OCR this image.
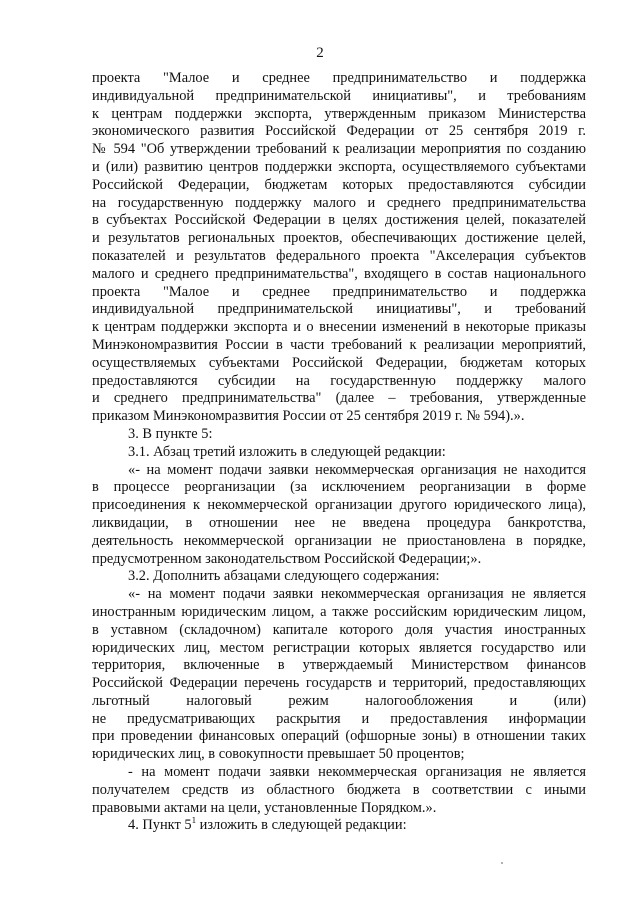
2
проекта "Малое и среднее предпринимательство и поддержка
индивидуальной предпринимательской инициативы", и требованиям
к центрам поддержки экспорта, утвержденным приказом Министерства
экономического развития Российской Федерации от 25 сентября 2019 г.
№ 594 "Об утверждении требований к реализации мероприятия по созданию
и (или) развитию центров поддержки экспорта, осуществляемого субъектами
Российской Федерации, бюджетам которых предоставляются субсидии
на государственную поддержку малого и среднего предпринимательства
в субъектах Российской Федерации в целях достижения целей, показателей
и результатов региональных проектов, обеспечивающих достижение целей,
показателей и результатов федерального проекта "Акселерация субъектов
малого и среднего предпринимательства", входящего в состав национального
проекта "Малое и среднее предпринимательство и поддержка
индивидуальной предпринимательской инициативы", и требований
к центрам поддержки экспорта и о внесении изменений в некоторые приказы
Минэкономразвития России в части требований к реализации мероприятий,
осуществляемых субъектами Российской Федерации, бюджетам которых
предоставляются субсидии на государственную поддержку малого
и среднего предпринимательства" (далее – требования, утвержденные
приказом Минэкономразвития России от 25 сентября 2019 г. № 594).».
3. В пункте 5:
3.1. Абзац третий изложить в следующей редакции:
«- на момент подачи заявки некоммерческая организация не находится
в процессе реорганизации (за исключением реорганизации в форме
присоединения к некоммерческой организации другого юридического лица),
ликвидации, в отношении нее не введена процедура банкротства,
деятельность некоммерческой организации не приостановлена в порядке,
предусмотренном законодательством Российской Федерации;».
3.2. Дополнить абзацами следующего содержания:
«- на момент подачи заявки некоммерческая организация не является
иностранным юридическим лицом, а также российским юридическим лицом,
в уставном (складочном) капитале которого доля участия иностранных
юридических лиц, местом регистрации которых является государство или
территория, включенные в утверждаемый Министерством финансов
Российской Федерации перечень государств и территорий, предоставляющих
льготный налоговый режим налогообложения и (или)
не предусматривающих раскрытия и предоставления информации
при проведении финансовых операций (офшорные зоны) в отношении таких
юридических лиц, в совокупности превышает 50 процентов;
- на момент подачи заявки некоммерческая организация не является
получателем средств из областного бюджета в соответствии с иными
правовыми актами на цели, установленные Порядком.».
4. Пункт $5^1$ изложить в следующей редакции:
